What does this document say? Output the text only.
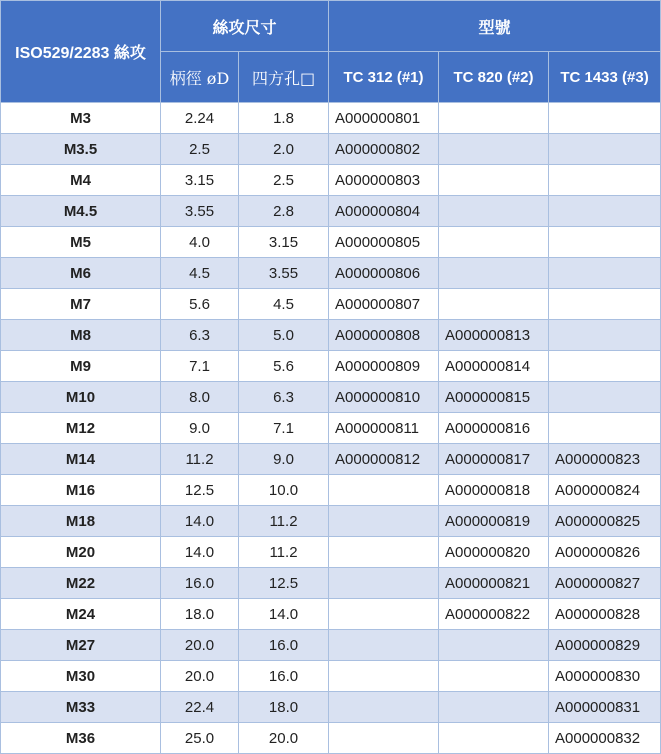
ISO529/2283 絲攻	絲攻尺寸		型號		
	柄徑 øD	四方孔□	TC 312 (#1)	TC 820 (#2)	TC 1433 (#3)
M3	2.24	1.8	A000000801		
M3.5	2.5	2.0	A000000802		
M4	3.15	2.5	A000000803		
M4.5	3.55	2.8	A000000804		
M5	4.0	3.15	A000000805		
M6	4.5	3.55	A000000806		
M7	5.6	4.5	A000000807		
M8	6.3	5.0	A000000808	A000000813	
M9	7.1	5.6	A000000809	A000000814	
M10	8.0	6.3	A000000810	A000000815	
M12	9.0	7.1	A000000811	A000000816	
M14	11.2	9.0	A000000812	A000000817	A000000823
M16	12.5	10.0		A000000818	A000000824
M18	14.0	11.2		A000000819	A000000825
M20	14.0	11.2		A000000820	A000000826
M22	16.0	12.5		A000000821	A000000827
M24	18.0	14.0		A000000822	A000000828
M27	20.0	16.0			A000000829
M30	20.0	16.0			A000000830
M33	22.4	18.0			A000000831
M36	25.0	20.0			A000000832
